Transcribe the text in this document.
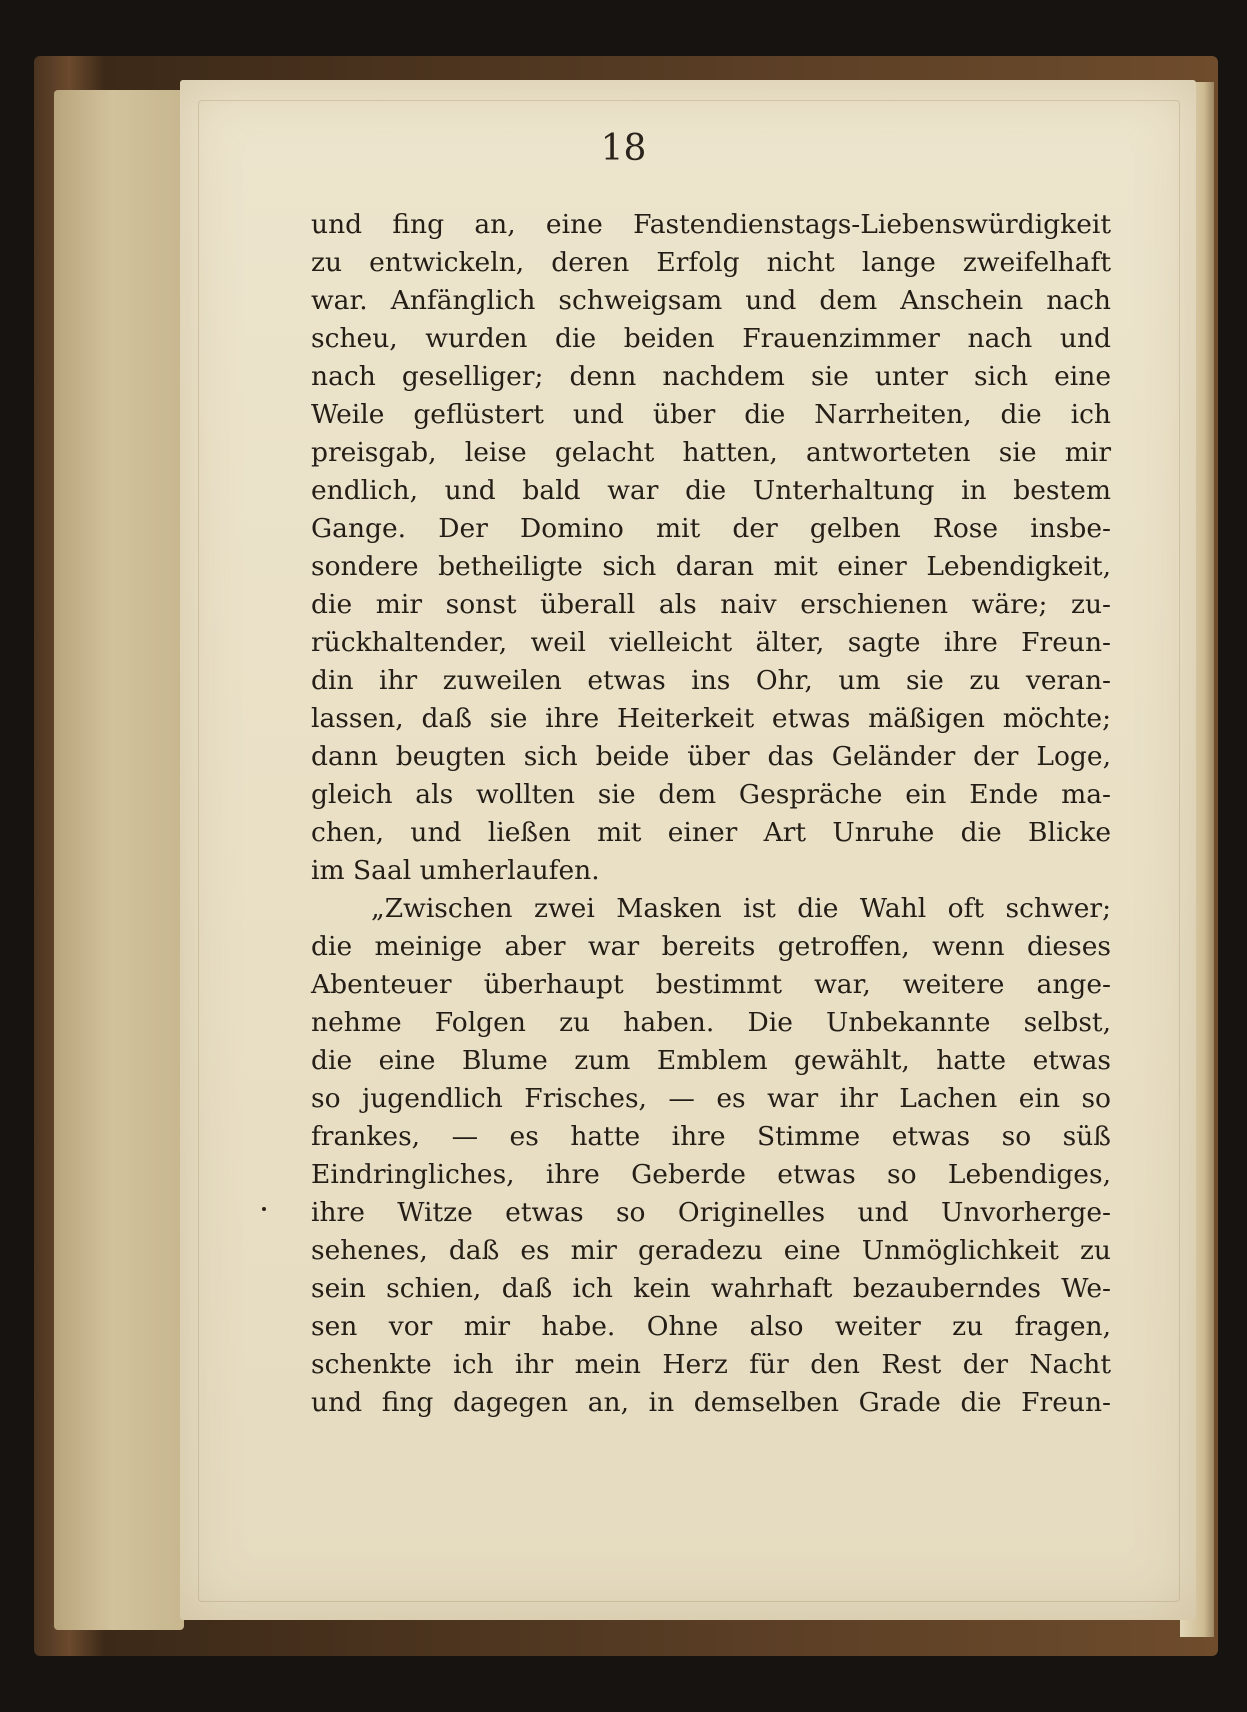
18
und fing an, eine Fastendienstags-Liebenswürdigkeit
zu entwickeln, deren Erfolg nicht lange zweifelhaft
war. Anfänglich schweigsam und dem Anschein nach
scheu, wurden die beiden Frauenzimmer nach und
nach geselliger; denn nachdem sie unter sich eine
Weile geflüstert und über die Narrheiten, die ich
preisgab, leise gelacht hatten, antworteten sie mir
endlich, und bald war die Unterhaltung in bestem
Gange. Der Domino mit der gelben Rose insbe-
sondere betheiligte sich daran mit einer Lebendigkeit,
die mir sonst überall als naiv erschienen wäre; zu-
rückhaltender, weil vielleicht älter, sagte ihre Freun-
din ihr zuweilen etwas ins Ohr, um sie zu veran-
lassen, daß sie ihre Heiterkeit etwas mäßigen möchte;
dann beugten sich beide über das Geländer der Loge,
gleich als wollten sie dem Gespräche ein Ende ma-
chen, und ließen mit einer Art Unruhe die Blicke
im Saal umherlaufen.
„Zwischen zwei Masken ist die Wahl oft schwer;
die meinige aber war bereits getroffen, wenn dieses
Abenteuer überhaupt bestimmt war, weitere ange-
nehme Folgen zu haben. Die Unbekannte selbst,
die eine Blume zum Emblem gewählt, hatte etwas
so jugendlich Frisches, — es war ihr Lachen ein so
frankes, — es hatte ihre Stimme etwas so süß
Eindringliches, ihre Geberde etwas so Lebendiges,
ihre Witze etwas so Originelles und Unvorherge-
sehenes, daß es mir geradezu eine Unmöglichkeit zu
sein schien, daß ich kein wahrhaft bezauberndes We-
sen vor mir habe. Ohne also weiter zu fragen,
schenkte ich ihr mein Herz für den Rest der Nacht
und fing dagegen an, in demselben Grade die Freun-
